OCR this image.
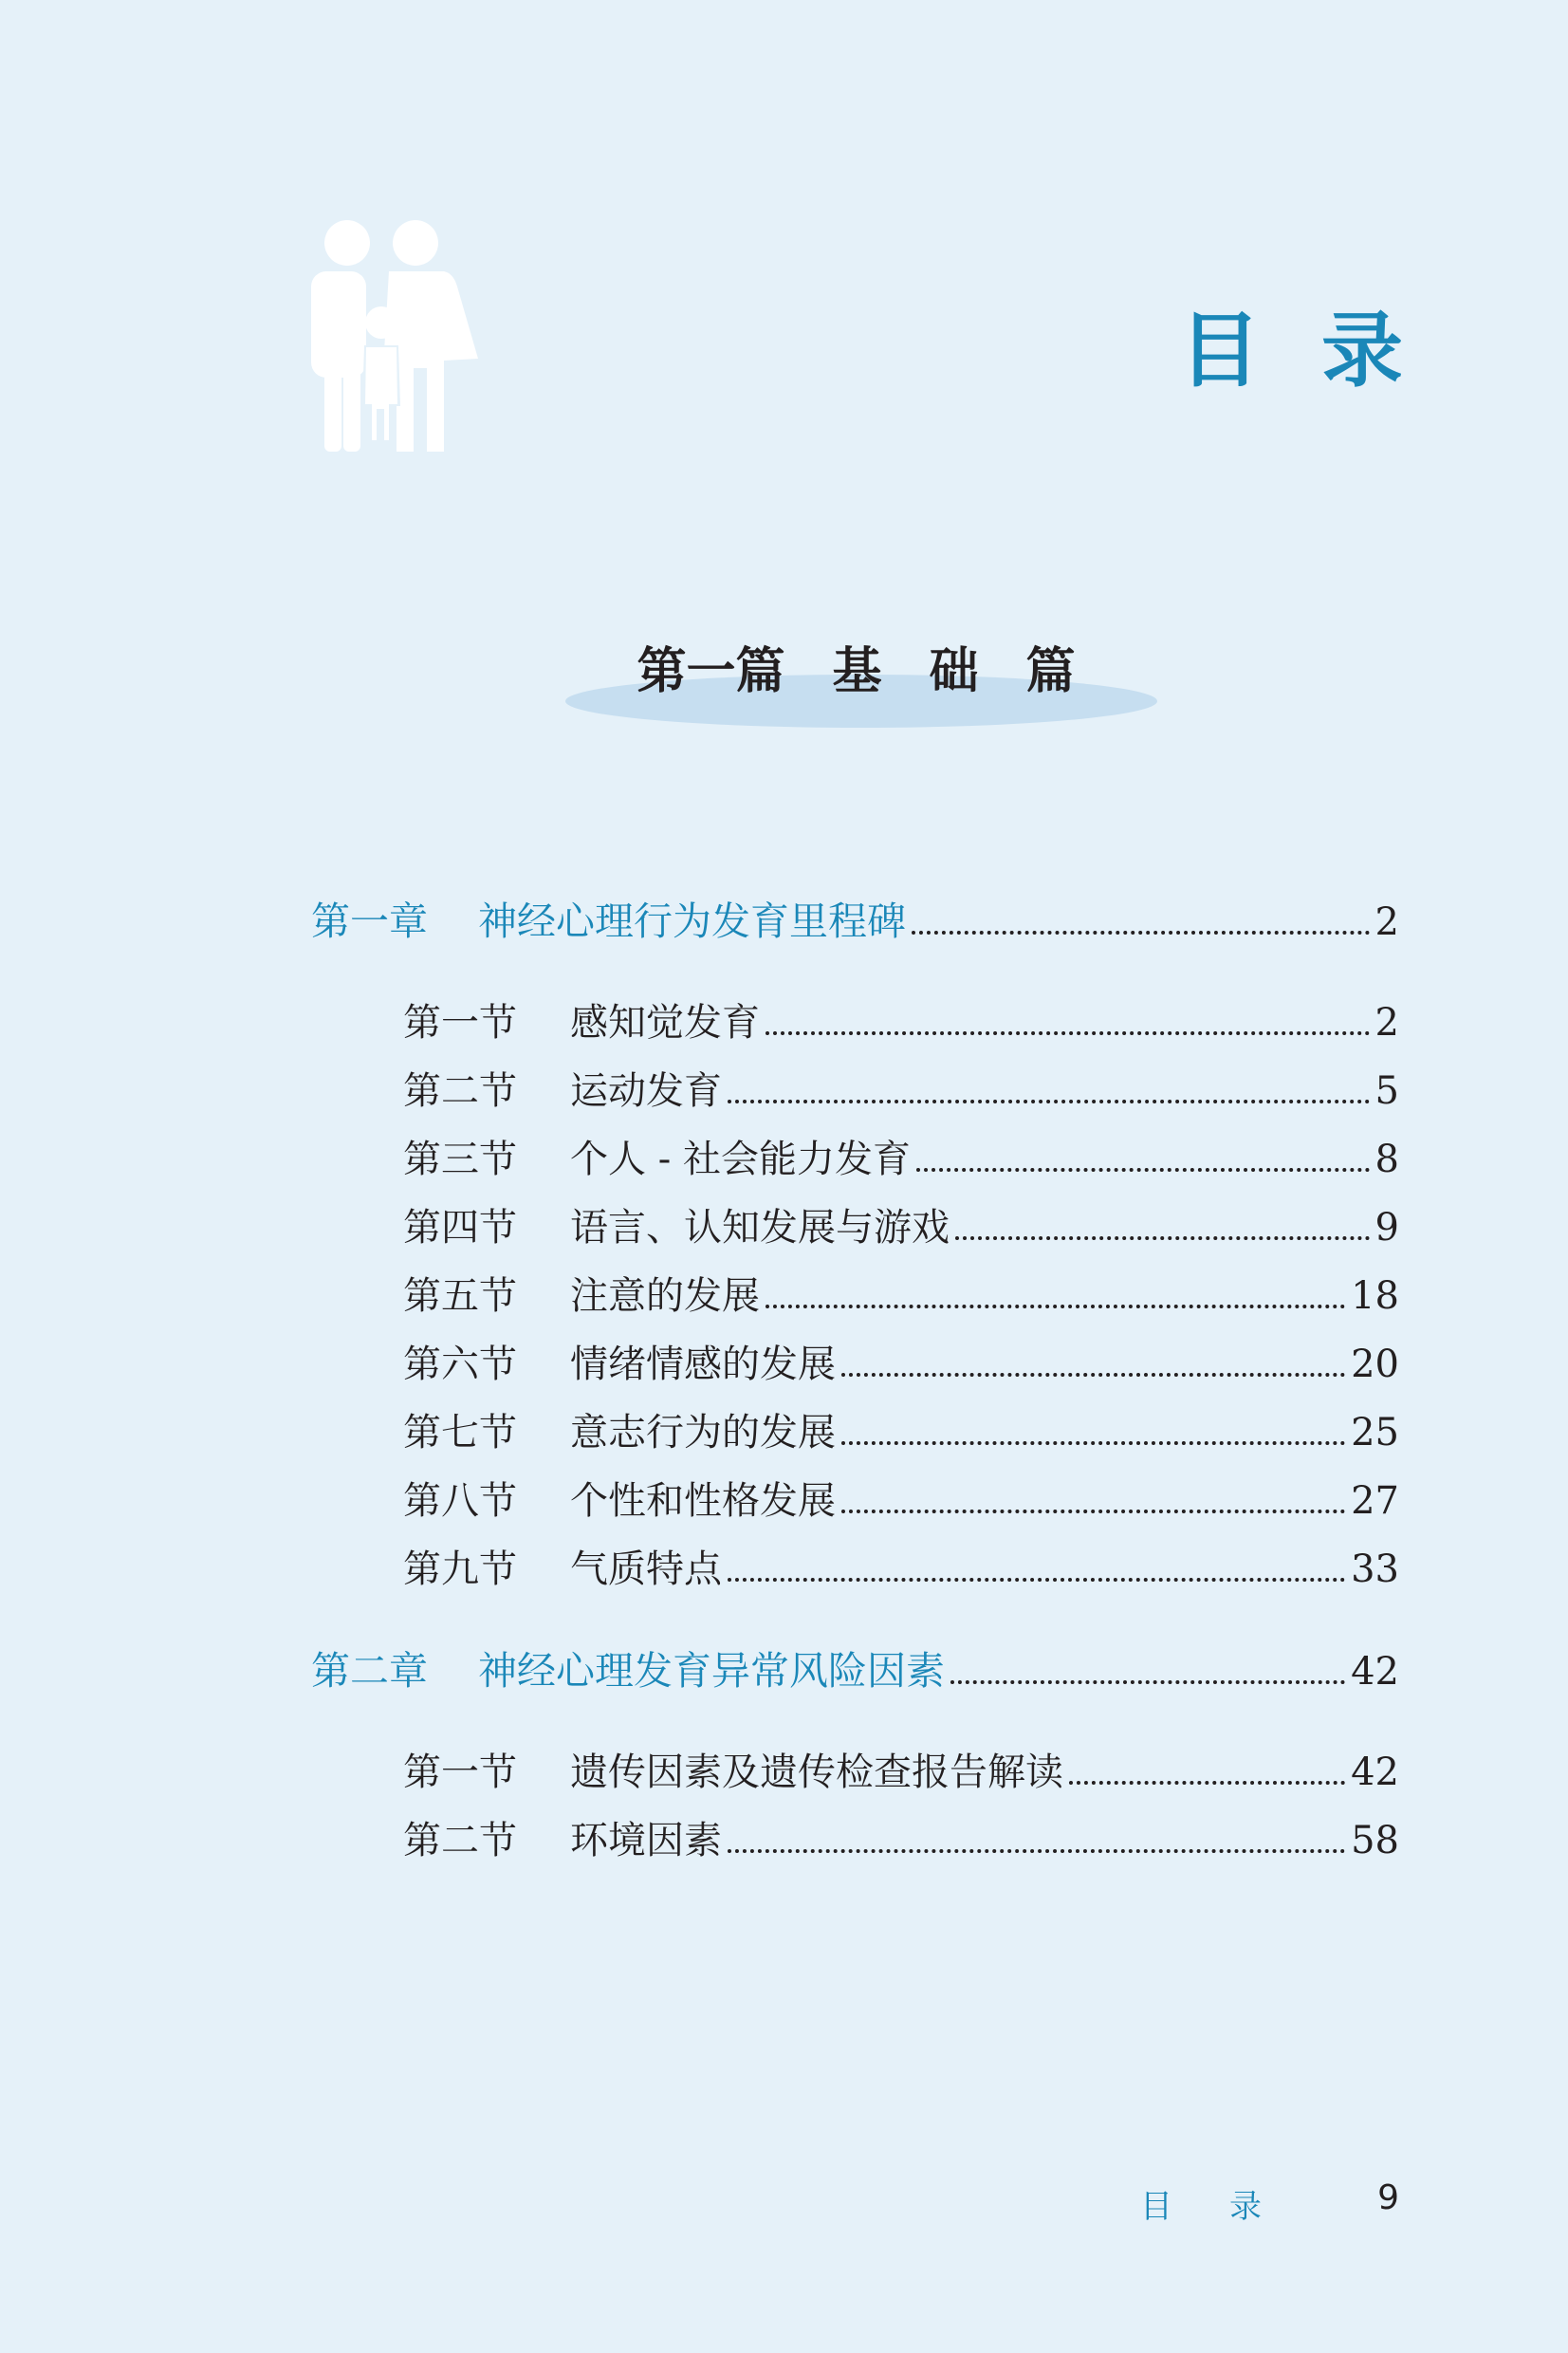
目录
第一篇 基 础 篇
第一章	神经心理行为发育里程碑	2
第一节	感知觉发育	2
第二节	运动发育	5
第三节	个人 - 社会能力发育	8
第四节	语言、认知发展与游戏	9
第五节	注意的发展	18
第六节	情绪情感的发展	20
第七节	意志行为的发展	25
第八节	个性和性格发展	27
第九节	气质特点	33
第二章	神经心理发育异常风险因素	42
第一节	遗传因素及遗传检查报告解读	42
第二节	环境因素	58
目录 9
